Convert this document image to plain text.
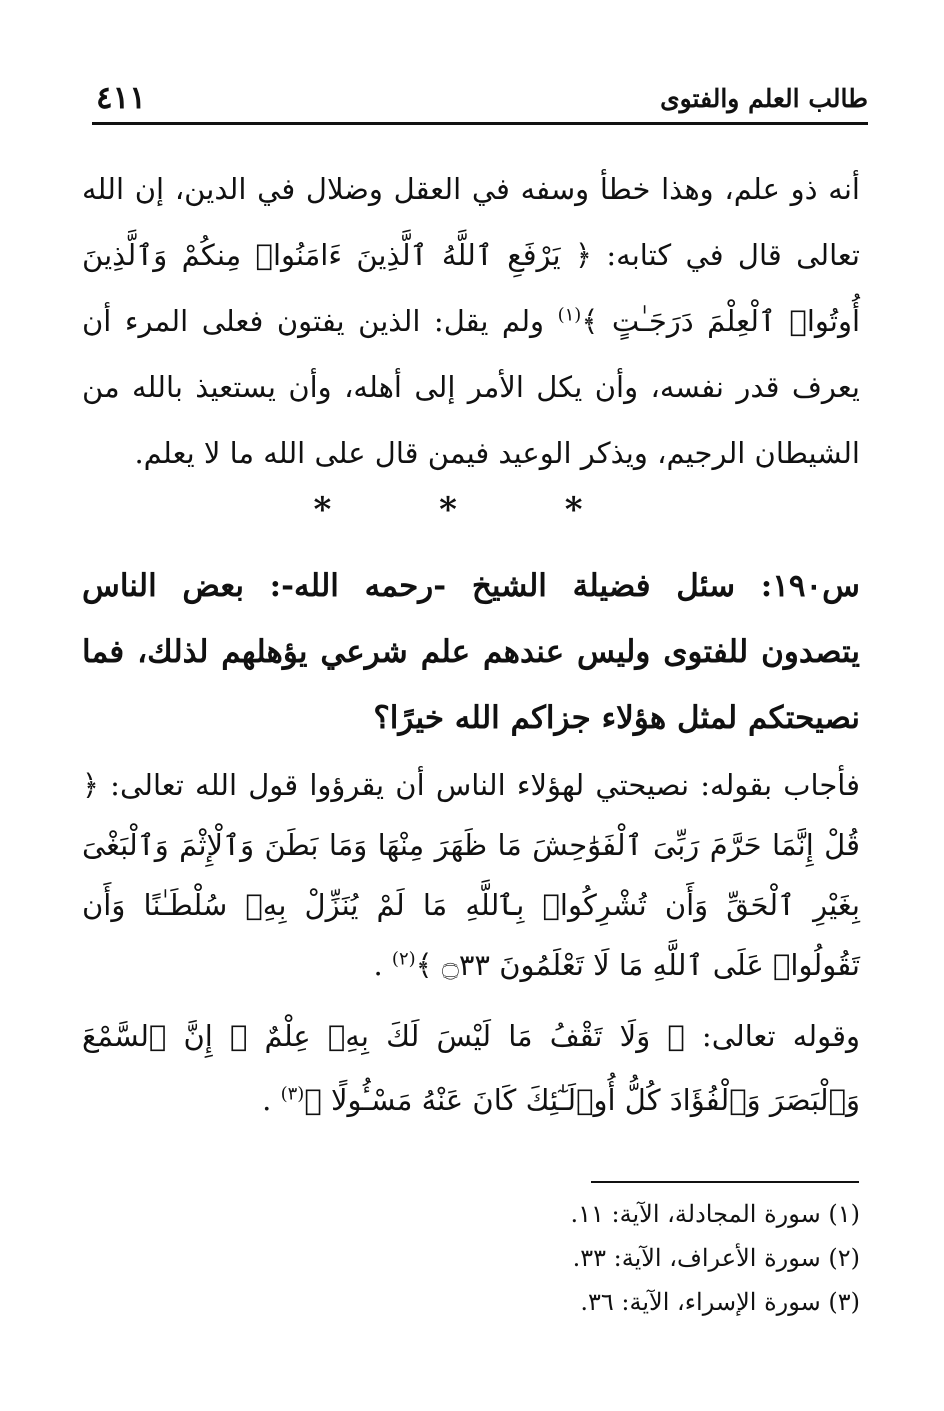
طالب العلم والفتوى
٤١١
أنه ذو علم، وهذا خطأ وسفه في العقل وضلال في الدين، إن الله تعالى قال في كتابه: ﴿ يَرْفَعِ ٱللَّهُ ٱلَّذِينَ ءَامَنُوا۟ مِنكُمْ وَٱلَّذِينَ أُوتُوا۟ ٱلْعِلْمَ دَرَجَـٰتٍ ﴾$^{(١)}$ ولم يقل: الذين يفتون فعلى المرء أن يعرف قدر نفسه، وأن يكل الأمر إلى أهله، وأن يستعيذ بالله من الشيطان الرجيم، ويذكر الوعيد فيمن قال على الله ما لا يعلم.
* * *
س١٩٠: سئل فضيلة الشيخ -رحمه الله-: بعض الناس يتصدون للفتوى وليس عندهم علم شرعي يؤهلهم لذلك، فما نصيحتكم لمثل هؤلاء جزاكم الله خيرًا؟
فأجاب بقوله: نصيحتي لهؤلاء الناس أن يقرؤوا قول الله تعالى: ﴿ قُلْ إِنَّمَا حَرَّمَ رَبِّىَ ٱلْفَوَٰحِشَ مَا ظَهَرَ مِنْهَا وَمَا بَطَنَ وَٱلْإِثْمَ وَٱلْبَغْىَ بِغَيْرِ ٱلْحَقِّ وَأَن تُشْرِكُوا۟ بِٱللَّهِ مَا لَمْ يُنَزِّلْ بِهِۦ سُلْطَـٰنًا وَأَن تَقُولُوا۟ عَلَى ٱللَّهِ مَا لَا تَعْلَمُونَ ۝٣٣ ﴾$^{(٢)}$ .
وقوله تعالى: ﴿ وَلَا تَقْفُ مَا لَيْسَ لَكَ بِهِۦ عِلْمٌ ۚ إِنَّ ٱلسَّمْعَ وَٱلْبَصَرَ وَٱلْفُؤَادَ كُلُّ أُو۟لَـٰٓئِكَ كَانَ عَنْهُ مَسْـُٔولًا ﴾$^{(٣)}$ .
(١) سورة المجادلة، الآية: ١١.
(٢) سورة الأعراف، الآية: ٣٣.
(٣) سورة الإسراء، الآية: ٣٦.
